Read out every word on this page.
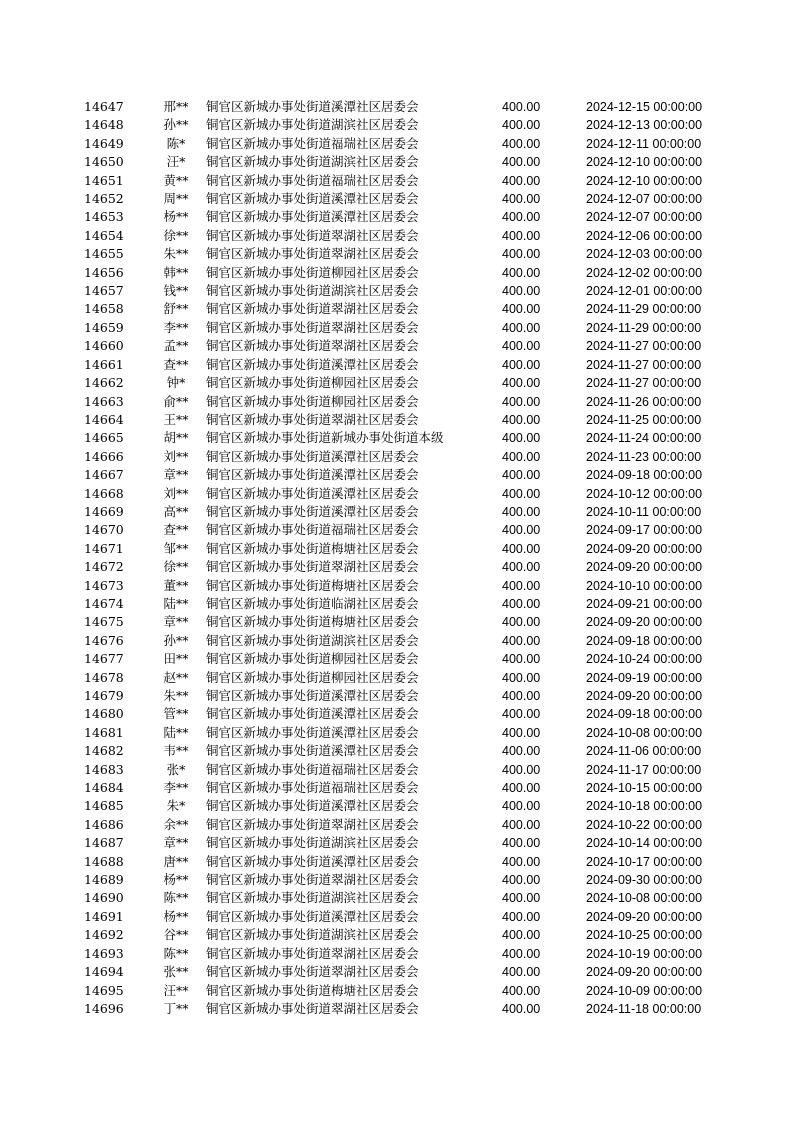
14647	邢**	铜官区新城办事处街道溪潭社区居委会	400.00	2024-12-15 00:00:00
14648	孙**	铜官区新城办事处街道湖滨社区居委会	400.00	2024-12-13 00:00:00
14649	陈*	铜官区新城办事处街道福瑞社区居委会	400.00	2024-12-11 00:00:00
14650	汪*	铜官区新城办事处街道湖滨社区居委会	400.00	2024-12-10 00:00:00
14651	黄**	铜官区新城办事处街道福瑞社区居委会	400.00	2024-12-10 00:00:00
14652	周**	铜官区新城办事处街道溪潭社区居委会	400.00	2024-12-07 00:00:00
14653	杨**	铜官区新城办事处街道溪潭社区居委会	400.00	2024-12-07 00:00:00
14654	徐**	铜官区新城办事处街道翠湖社区居委会	400.00	2024-12-06 00:00:00
14655	朱**	铜官区新城办事处街道翠湖社区居委会	400.00	2024-12-03 00:00:00
14656	韩**	铜官区新城办事处街道柳园社区居委会	400.00	2024-12-02 00:00:00
14657	钱**	铜官区新城办事处街道湖滨社区居委会	400.00	2024-12-01 00:00:00
14658	舒**	铜官区新城办事处街道翠湖社区居委会	400.00	2024-11-29 00:00:00
14659	李**	铜官区新城办事处街道翠湖社区居委会	400.00	2024-11-29 00:00:00
14660	孟**	铜官区新城办事处街道翠湖社区居委会	400.00	2024-11-27 00:00:00
14661	查**	铜官区新城办事处街道溪潭社区居委会	400.00	2024-11-27 00:00:00
14662	钟*	铜官区新城办事处街道柳园社区居委会	400.00	2024-11-27 00:00:00
14663	俞**	铜官区新城办事处街道柳园社区居委会	400.00	2024-11-26 00:00:00
14664	王**	铜官区新城办事处街道翠湖社区居委会	400.00	2024-11-25 00:00:00
14665	胡**	铜官区新城办事处街道新城办事处街道本级	400.00	2024-11-24 00:00:00
14666	刘**	铜官区新城办事处街道溪潭社区居委会	400.00	2024-11-23 00:00:00
14667	章**	铜官区新城办事处街道溪潭社区居委会	400.00	2024-09-18 00:00:00
14668	刘**	铜官区新城办事处街道溪潭社区居委会	400.00	2024-10-12 00:00:00
14669	高**	铜官区新城办事处街道溪潭社区居委会	400.00	2024-10-11 00:00:00
14670	查**	铜官区新城办事处街道福瑞社区居委会	400.00	2024-09-17 00:00:00
14671	邹**	铜官区新城办事处街道梅塘社区居委会	400.00	2024-09-20 00:00:00
14672	徐**	铜官区新城办事处街道翠湖社区居委会	400.00	2024-09-20 00:00:00
14673	董**	铜官区新城办事处街道梅塘社区居委会	400.00	2024-10-10 00:00:00
14674	陆**	铜官区新城办事处街道临湖社区居委会	400.00	2024-09-21 00:00:00
14675	章**	铜官区新城办事处街道梅塘社区居委会	400.00	2024-09-20 00:00:00
14676	孙**	铜官区新城办事处街道湖滨社区居委会	400.00	2024-09-18 00:00:00
14677	田**	铜官区新城办事处街道柳园社区居委会	400.00	2024-10-24 00:00:00
14678	赵**	铜官区新城办事处街道柳园社区居委会	400.00	2024-09-19 00:00:00
14679	朱**	铜官区新城办事处街道溪潭社区居委会	400.00	2024-09-20 00:00:00
14680	管**	铜官区新城办事处街道溪潭社区居委会	400.00	2024-09-18 00:00:00
14681	陆**	铜官区新城办事处街道溪潭社区居委会	400.00	2024-10-08 00:00:00
14682	韦**	铜官区新城办事处街道溪潭社区居委会	400.00	2024-11-06 00:00:00
14683	张*	铜官区新城办事处街道福瑞社区居委会	400.00	2024-11-17 00:00:00
14684	李**	铜官区新城办事处街道福瑞社区居委会	400.00	2024-10-15 00:00:00
14685	朱*	铜官区新城办事处街道溪潭社区居委会	400.00	2024-10-18 00:00:00
14686	余**	铜官区新城办事处街道翠湖社区居委会	400.00	2024-10-22 00:00:00
14687	章**	铜官区新城办事处街道湖滨社区居委会	400.00	2024-10-14 00:00:00
14688	唐**	铜官区新城办事处街道溪潭社区居委会	400.00	2024-10-17 00:00:00
14689	杨**	铜官区新城办事处街道翠湖社区居委会	400.00	2024-09-30 00:00:00
14690	陈**	铜官区新城办事处街道湖滨社区居委会	400.00	2024-10-08 00:00:00
14691	杨**	铜官区新城办事处街道溪潭社区居委会	400.00	2024-09-20 00:00:00
14692	谷**	铜官区新城办事处街道湖滨社区居委会	400.00	2024-10-25 00:00:00
14693	陈**	铜官区新城办事处街道翠湖社区居委会	400.00	2024-10-19 00:00:00
14694	张**	铜官区新城办事处街道翠湖社区居委会	400.00	2024-09-20 00:00:00
14695	汪**	铜官区新城办事处街道梅塘社区居委会	400.00	2024-10-09 00:00:00
14696	丁**	铜官区新城办事处街道翠湖社区居委会	400.00	2024-11-18 00:00:00
